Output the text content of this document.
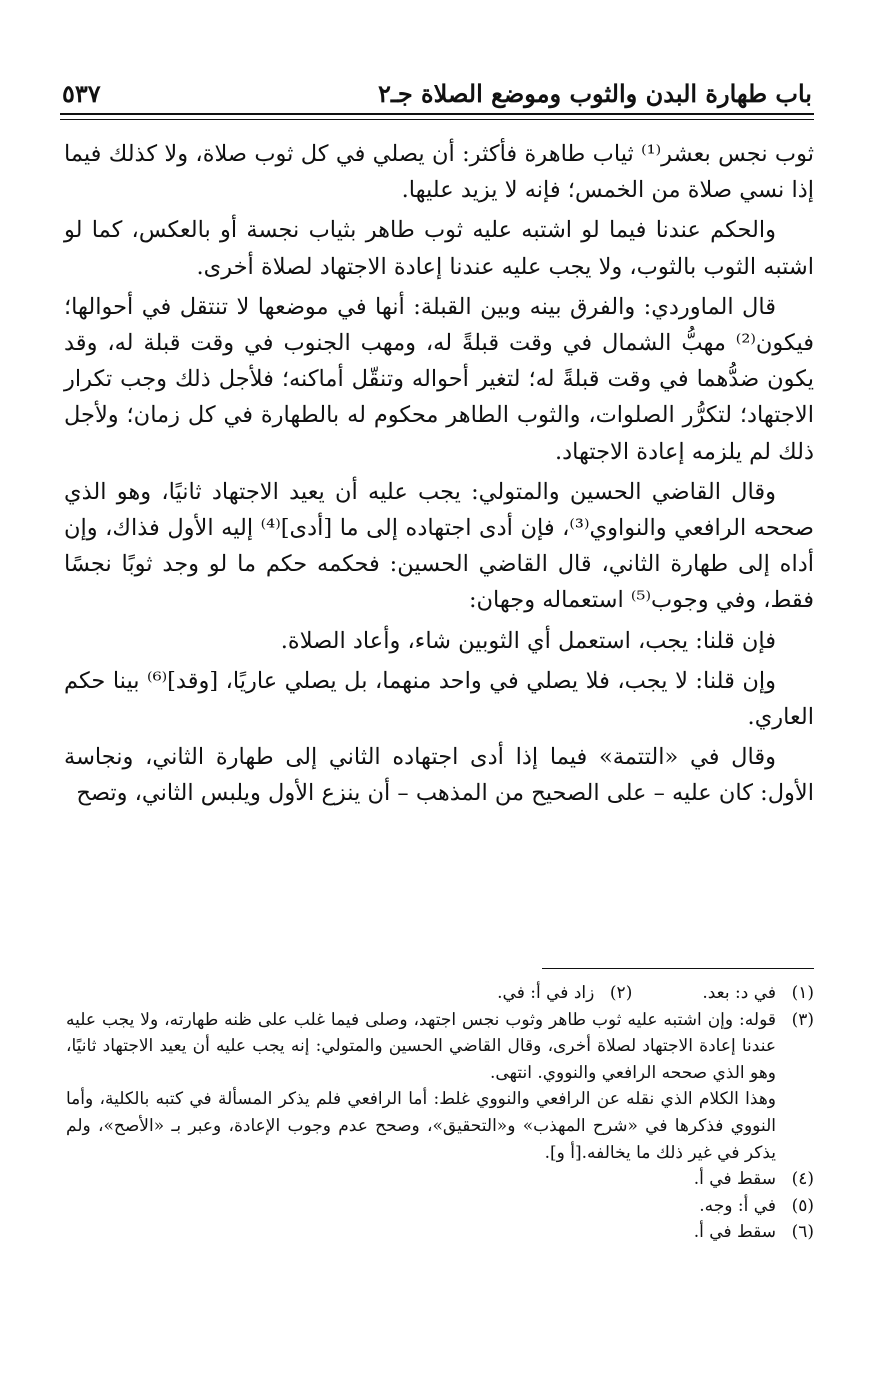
باب طهارة البدن والثوب وموضع الصلاة جـ٢
٥٣٧

ثوب نجس بعشر⁽¹⁾ ثياب طاهرة فأكثر: أن يصلي في كل ثوب صلاة، ولا كذلك فيما إذا نسي صلاة من الخمس؛ فإنه لا يزيد عليها.

والحكم عندنا فيما لو اشتبه عليه ثوب طاهر بثياب نجسة أو بالعكس، كما لو اشتبه الثوب بالثوب، ولا يجب عليه عندنا إعادة الاجتهاد لصلاة أخرى.

قال الماوردي: والفرق بينه وبين القبلة: أنها في موضعها لا تنتقل في أحوالها؛ فيكون⁽²⁾ مهبُّ الشمال في وقت قبلةً له، ومهب الجنوب في وقت قبلة له، وقد يكون ضدُّهما في وقت قبلةً له؛ لتغير أحواله وتنقّل أماكنه؛ فلأجل ذلك وجب تكرار الاجتهاد؛ لتكرُّر الصلوات، والثوب الطاهر محكوم له بالطهارة في كل زمان؛ ولأجل ذلك لم يلزمه إعادة الاجتهاد.

وقال القاضي الحسين والمتولي: يجب عليه أن يعيد الاجتهاد ثانيًا، وهو الذي صححه الرافعي والنواوي⁽³⁾، فإن أدى اجتهاده إلى ما [أدى]⁽⁴⁾ إليه الأول فذاك، وإن أداه إلى طهارة الثاني، قال القاضي الحسين: فحكمه حكم ما لو وجد ثوبًا نجسًا فقط، وفي وجوب⁽⁵⁾ استعماله وجهان:

فإن قلنا: يجب، استعمل أي الثوبين شاء، وأعاد الصلاة.

وإن قلنا: لا يجب، فلا يصلي في واحد منهما، بل يصلي عاريًا، [وقد]⁽⁶⁾ بينا حكم العاري.

وقال في «التتمة» فيما إذا أدى اجتهاده الثاني إلى طهارة الثاني، ونجاسة الأول: كان عليه – على الصحيح من المذهب – أن ينزع الأول ويلبس الثاني، وتصح

(١)
في د: بعد.
(٢)
زاد في أ: في.
(٣)
قوله: وإن اشتبه عليه ثوب طاهر وثوب نجس اجتهد، وصلى فيما غلب على ظنه طهارته، ولا يجب عليه عندنا إعادة الاجتهاد لصلاة أخرى، وقال القاضي الحسين والمتولي: إنه يجب عليه أن يعيد الاجتهاد ثانيًا، وهو الذي صححه الرافعي والنووي. انتهى.
وهذا الكلام الذي نقله عن الرافعي والنووي غلط: أما الرافعي فلم يذكر المسألة في كتبه بالكلية، وأما النووي فذكرها في «شرح المهذب» و«التحقيق»، وصحح عدم وجوب الإعادة، وعبر بـ «الأصح»، ولم يذكر في غير ذلك ما يخالفه.[أ و].
(٤)
سقط في أ.
(٥)
في أ: وجه.
(٦)
سقط في أ.
